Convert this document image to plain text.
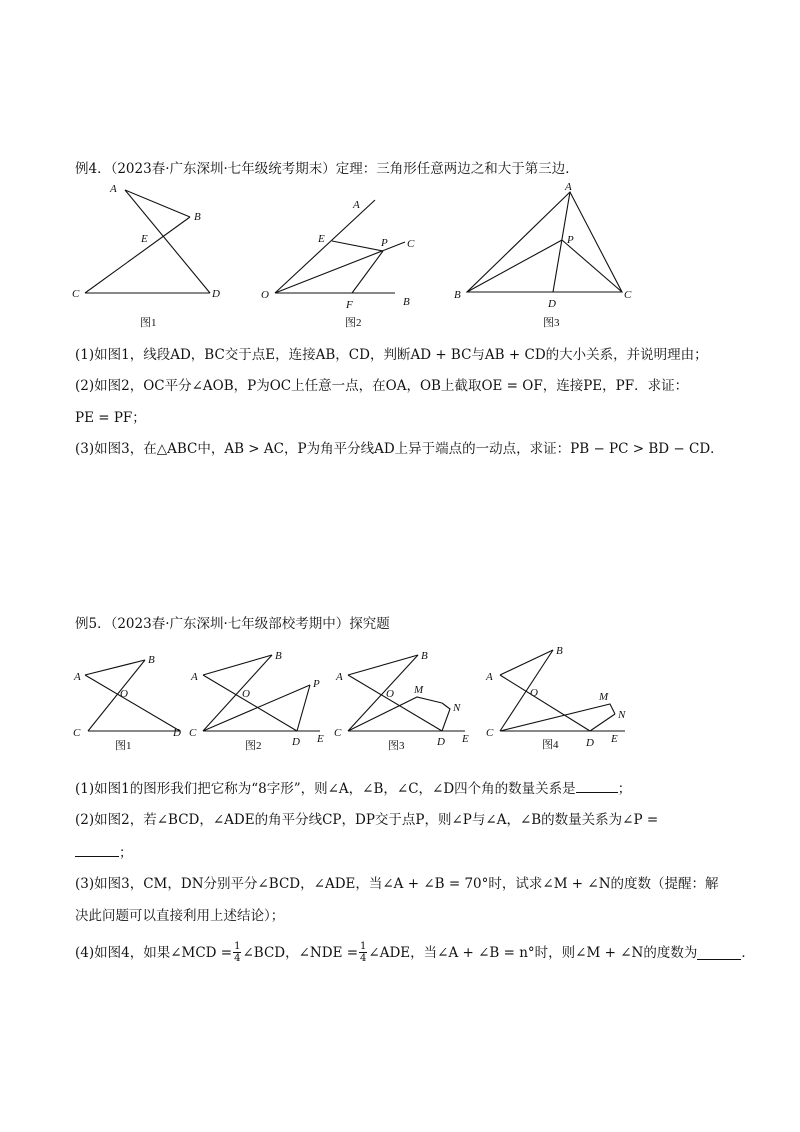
例4．（2023春·广东深圳·七年级统考期末）定理：三角形任意两边之和大于第三边．
A
B
E
C	D
图1
A
C
E	P
O
F	B
图2
A
P
B
D
C
图3
(1)如图1，线段AD，BC交于点E，连接AB，CD，判断AD + BC与AB + CD的大小关系，并说明理由；
(2)如图2，OC平分∠AOB，P为OC上任意一点，在OA，OB上截取OE = OF，连接PE，PF．求证：
PE = PF；
(3)如图3，在△ABC中，AB > AC，P为角平分线AD上异于端点的一动点，求证：PB − PC > BD − CD．
例5．（2023春·广东深圳·七年级部校考期中）探究题
A
B
O
C	D
图1
A
B
O
P
C
D E
图2
A
B
O M
N
C
D E
图3
A
B
O	M
N
C
D E
图4
(1)如图1的图形我们把它称为“8字形”，则∠A，∠B，∠C，∠D四个角的数量关系是	；
(2)如图2，若∠BCD，∠ADE的角平分线CP，DP交于点P，则∠P与∠A，∠B的数量关系为∠P =
；
(3)如图3，CM，DN分别平分∠BCD，∠ADE，当∠A + ∠B = 70°时，试求∠M + ∠N的度数（提醒：解
决此问题可以直接利用上述结论）；
(4)如图4，如果∠MCD = $\frac{1}{4}$ ∠BCD，∠NDE = $\frac{1}{4}$ ∠ADE，当∠A + ∠B = n°时，则∠M + ∠N的度数为	．
